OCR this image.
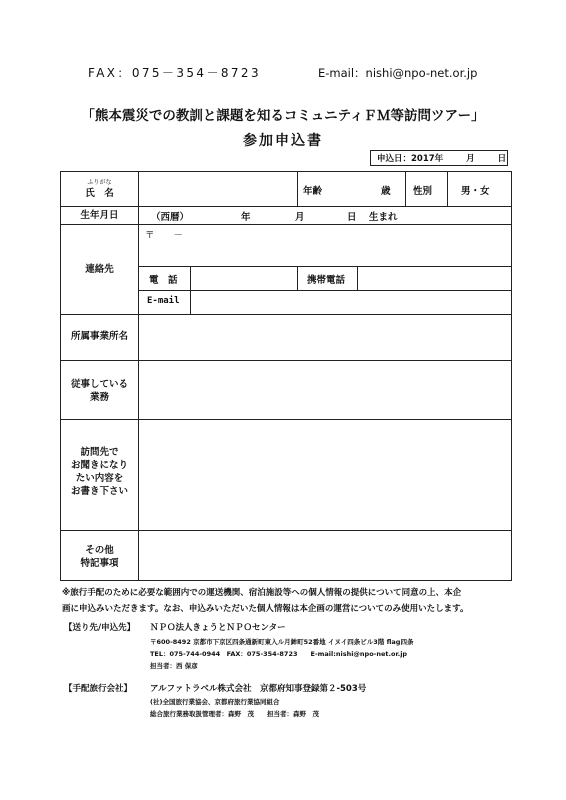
FAX：075－354－8723	E-mail：nishi@npo-net.or.jp
「熊本震災での教訓と課題を知るコミュニティＦＭ等訪問ツアー」
参加申込書
申込日：2017年	月	日
ふりがな
氏　名	年齢	歳 性別	男・女
生年月日	（西暦）	年	月	日 生まれ
連絡先
〒　　－
電　話	携帯電話
E-mail
所属事業所名
従事している
業務
訪問先で
お聞きになり
たい内容を
お書き下さい
その他
特記事項
※旅行手配のために必要な範囲内での運送機関、宿泊施設等への個人情報の提供について同意の上、本企
画に申込みいただきます。なお、申込みいただいた個人情報は本企画の運営についてのみ使用いたします。
【送り先/申込先】 ＮＰＯ法人きょうとＮＰＯセンター
〒600-8492 京都市下京区四条通新町東入ル月鉾町52番地 イヌイ四条ビル3階 flag四条
TEL：075-744-0944　FAX：075-354-8723　　E-mail:nishi@npo-net.or.jp
担当者：西 保彦
【手配旅行会社】 アルファトラベル株式会社　京都府知事登録第２-503号
(社)全国旅行業協会、京都府旅行業協同組合
総合旅行業務取扱管理者：森野　茂　　担当者：森野　茂
